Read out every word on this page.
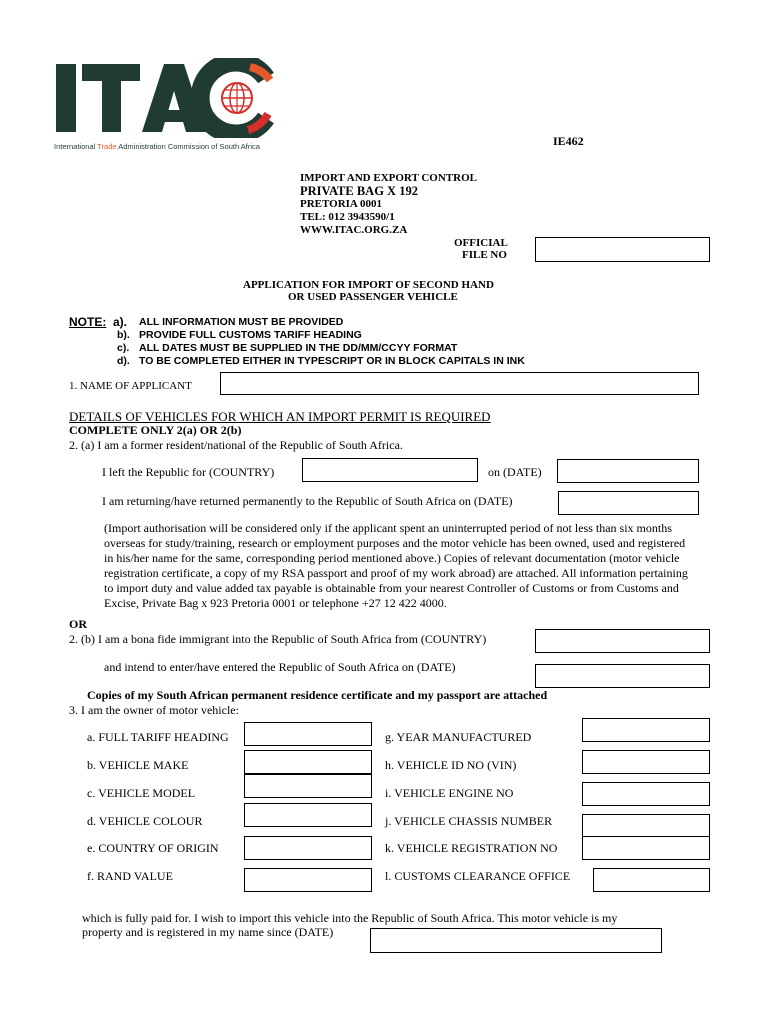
International Trade Administration Commission of South Africa	IE462
IMPORT AND EXPORT CONTROL
PRIVATE BAG X 192
PRETORIA 0001
TEL: 012 3943590/1
WWW.ITAC.ORG.ZA
OFFICIAL
FILE NO
APPLICATION FOR IMPORT OF SECOND HAND
OR USED PASSENGER VEHICLE
NOTE: a). ALL INFORMATION MUST BE PROVIDED
b). PROVIDE FULL CUSTOMS TARIFF HEADING
c). ALL DATES MUST BE SUPPLIED IN THE DD/MM/CCYY FORMAT
d). TO BE COMPLETED EITHER IN TYPESCRIPT OR IN BLOCK CAPITALS IN INK
1. NAME OF APPLICANT
DETAILS OF VEHICLES FOR WHICH AN IMPORT PERMIT IS REQUIRED
COMPLETE ONLY 2(a) OR 2(b)
2. (a) I am a former resident/national of the Republic of South Africa.
I left the Republic for (COUNTRY)	on (DATE)
I am returning/have returned permanently to the Republic of South Africa on (DATE)
(Import authorisation will be considered only if the applicant spent an uninterrupted period of not less than six months overseas for study/training, research or employment purposes and the motor vehicle has been owned, used and registered in his/her name for the same, corresponding period mentioned above.) Copies of relevant documentation (motor vehicle registration certificate, a copy of my RSA passport and proof of my work abroad) are attached. All information pertaining to import duty and value added tax payable is obtainable from your nearest Controller of Customs or from Customs and Excise, Private Bag x 923 Pretoria 0001 or telephone +27 12 422 4000.
OR
2. (b) I am a bona fide immigrant into the Republic of South Africa from (COUNTRY)
and intend to enter/have entered the Republic of South Africa on (DATE)
Copies of my South African permanent residence certificate and my passport are attached
3. I am the owner of motor vehicle:
a. FULL TARIFF HEADING
b. VEHICLE MAKE
c. VEHICLE MODEL
d. VEHICLE COLOUR
e. COUNTRY OF ORIGIN
f. RAND VALUE
g. YEAR MANUFACTURED
h. VEHICLE ID NO (VIN)
i. VEHICLE ENGINE NO
j. VEHICLE CHASSIS NUMBER
k. VEHICLE REGISTRATION NO
l. CUSTOMS CLEARANCE OFFICE
which is fully paid for. I wish to import this vehicle into the Republic of South Africa. This motor vehicle is my
property and is registered in my name since (DATE)
